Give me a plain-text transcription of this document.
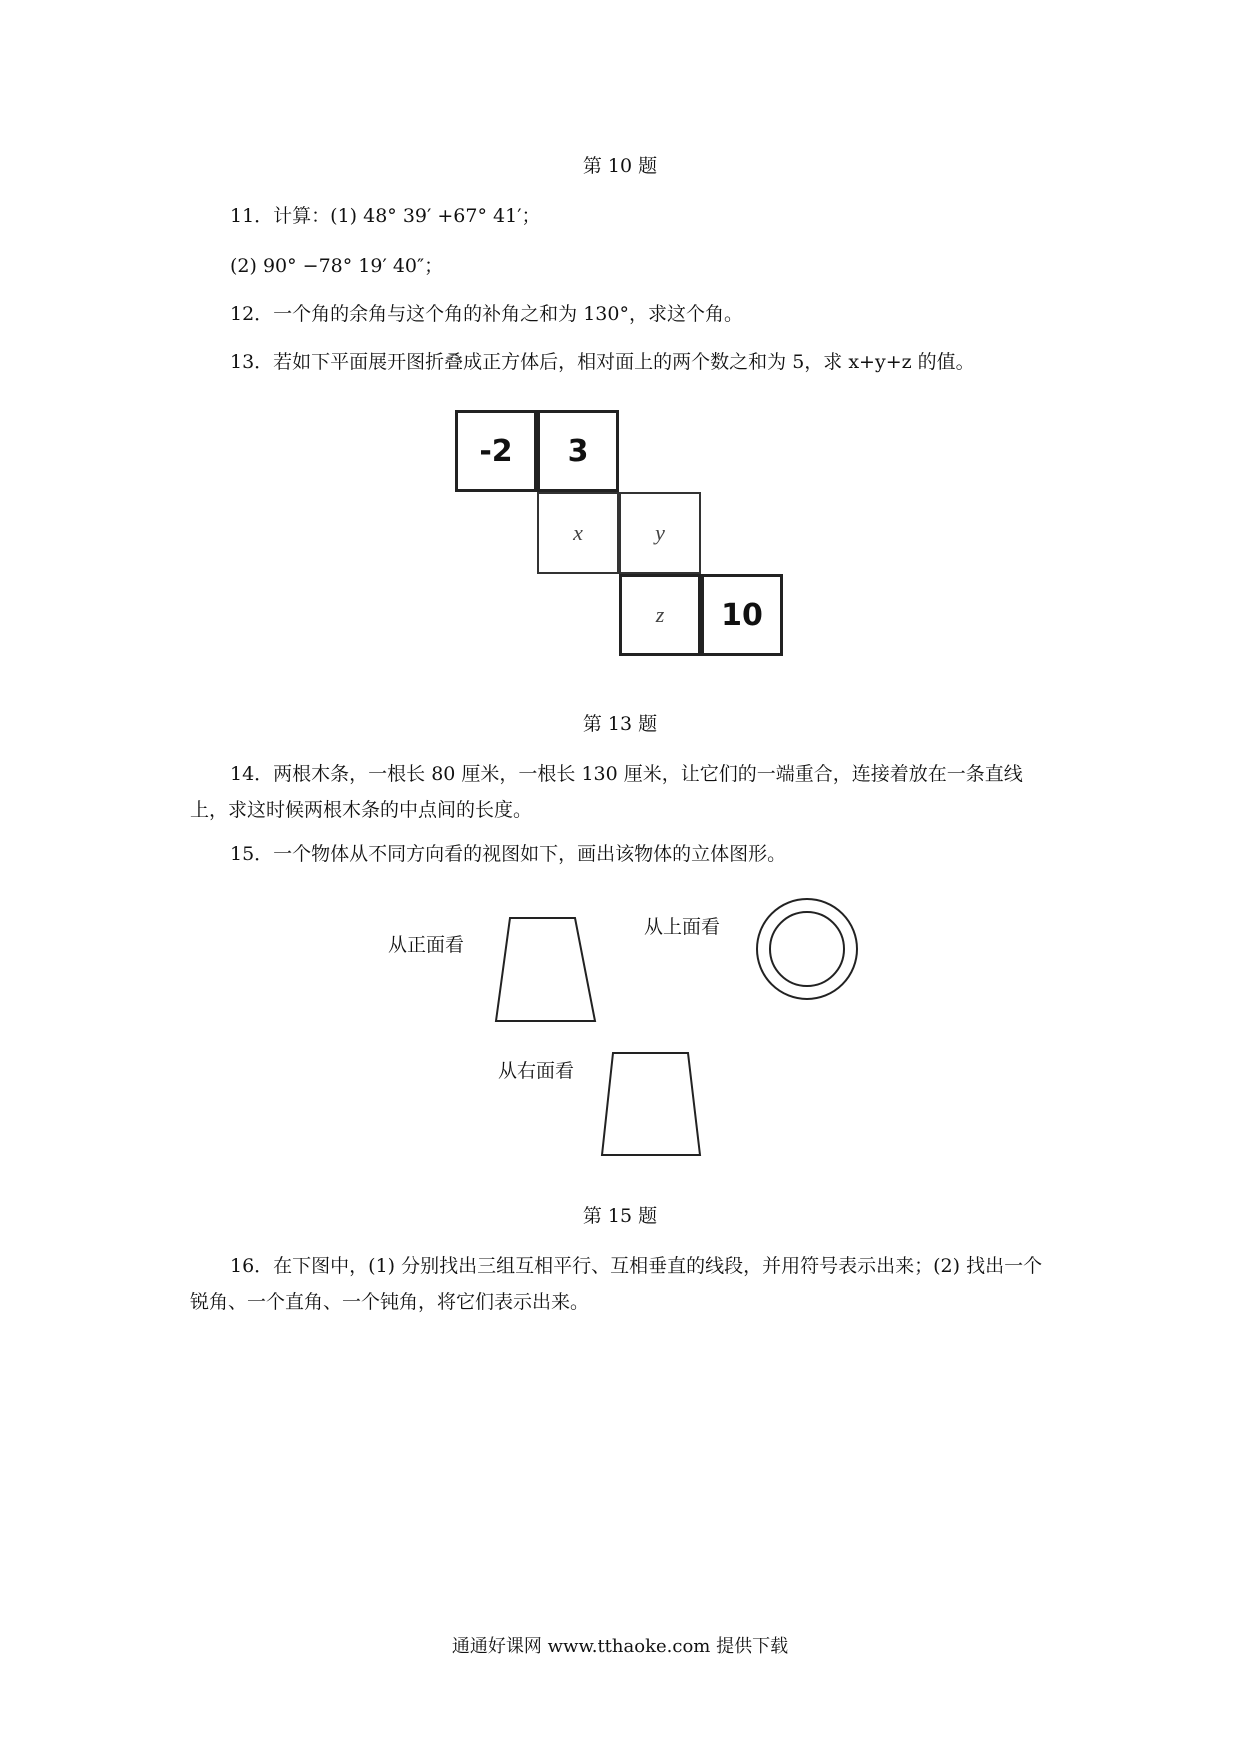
第 10 题
11．计算：(1) 48° 39′ +67° 41′；
(2) 90° −78° 19′ 40″；
12．一个角的余角与这个角的补角之和为 130°，求这个角。
13．若如下平面展开图折叠成正方体后，相对面上的两个数之和为 5，求 x+y+z 的值。
-2 3
x	y
z 10
第 13 题
14．两根木条，一根长 80 厘米，一根长 130 厘米，让它们的一端重合，连接着放在一条直线上，求这时候两根木条的中点间的长度。
15．一个物体从不同方向看的视图如下，画出该物体的立体图形。
从正面看
从上面看
从右面看
第 15 题
16．在下图中，(1) 分别找出三组互相平行、互相垂直的线段，并用符号表示出来；(2) 找出一个锐角、一个直角、一个钝角，将它们表示出来。
通通好课网 www.tthaoke.com 提供下载
